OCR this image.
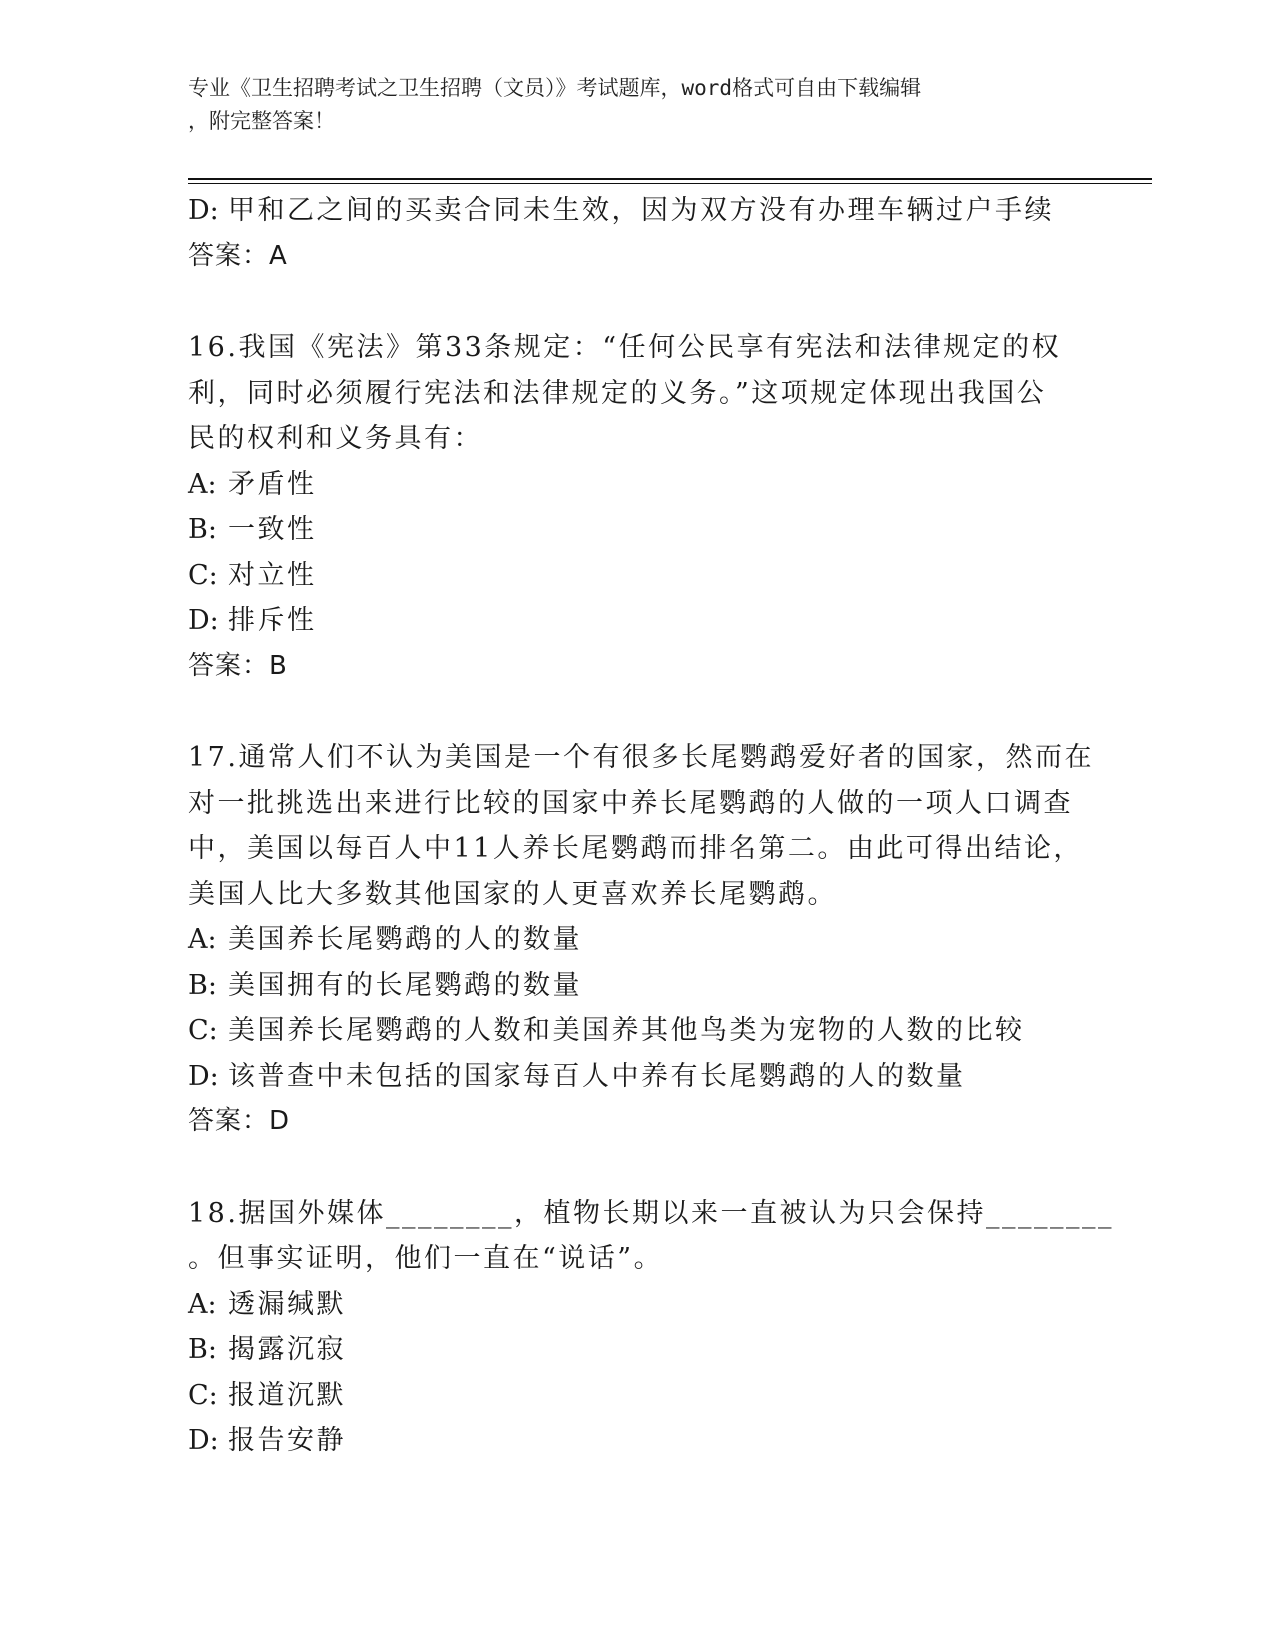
专业《卫生招聘考试之卫生招聘（文员）》考试题库，word格式可自由下载编辑
，附完整答案！
D: 甲和乙之间的买卖合同未生效，因为双方没有办理车辆过户手续
答案：A
16.我国《宪法》第33条规定：“任何公民享有宪法和法律规定的权
利，同时必须履行宪法和法律规定的义务。”这项规定体现出我国公
民的权利和义务具有：
A: 矛盾性
B: 一致性
C: 对立性
D: 排斥性
答案：B
17.通常人们不认为美国是一个有很多长尾鹦鹉爱好者的国家，然而在
对一批挑选出来进行比较的国家中养长尾鹦鹉的人做的一项人口调查
中，美国以每百人中11人养长尾鹦鹉而排名第二。由此可得出结论，
美国人比大多数其他国家的人更喜欢养长尾鹦鹉。
A: 美国养长尾鹦鹉的人的数量
B: 美国拥有的长尾鹦鹉的数量
C: 美国养长尾鹦鹉的人数和美国养其他鸟类为宠物的人数的比较
D: 该普查中未包括的国家每百人中养有长尾鹦鹉的人的数量
答案：D
18.据国外媒体________，植物长期以来一直被认为只会保持________
。但事实证明，他们一直在“说话”。
A: 透漏缄默
B: 揭露沉寂
C: 报道沉默
D: 报告安静
